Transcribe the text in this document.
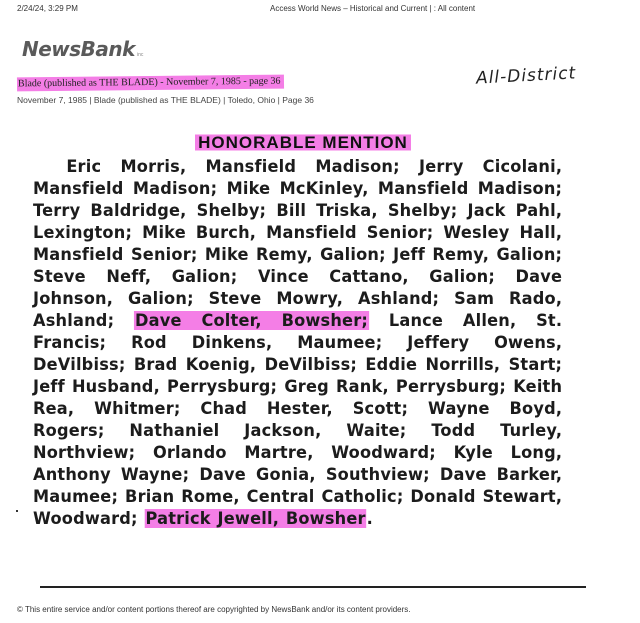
2/24/24, 3:29 PM	Access World News – Historical and Current | : All content
NewsBank inc
All-District
Blade (published as THE BLADE) - November 7, 1985 - page 36
November 7, 1985 | Blade (published as THE BLADE) | Toledo, Ohio | Page 36
HONORABLE MENTION

Eric Morris, Mansfield Madison; Jerry Cicolani, Mansfield Madison; Mike McKinley, Mansfield Madison; Terry Baldridge, Shelby; Bill Triska, Shelby; Jack Pahl, Lexington; Mike Burch, Mansfield Senior; Wesley Hall, Mansfield Senior; Mike Remy, Galion; Jeff Remy, Galion; Steve Neff, Galion; Vince Cattano, Galion; Dave Johnson, Galion; Steve Mowry, Ashland; Sam Rado, Ashland; Dave Colter, Bowsher; Lance Allen, St. Francis; Rod Dinkens, Maumee; Jeffery Owens, DeVilbiss; Brad Koenig, DeVilbiss; Eddie Norrills, Start; Jeff Husband, Perrysburg; Greg Rank, Perrysburg; Keith Rea, Whitmer; Chad Hester, Scott; Wayne Boyd, Rogers; Nathaniel Jackson, Waite; Todd Turley, Northview; Orlando Martre, Woodward; Kyle Long, Anthony Wayne; Dave Gonia, Southview; Dave Barker, Maumee; Brian Rome, Central Catholic; Donald Stewart, Woodward; Patrick Jewell, Bowsher.

© This entire service and/or content portions thereof are copyrighted by NewsBank and/or its content providers.
